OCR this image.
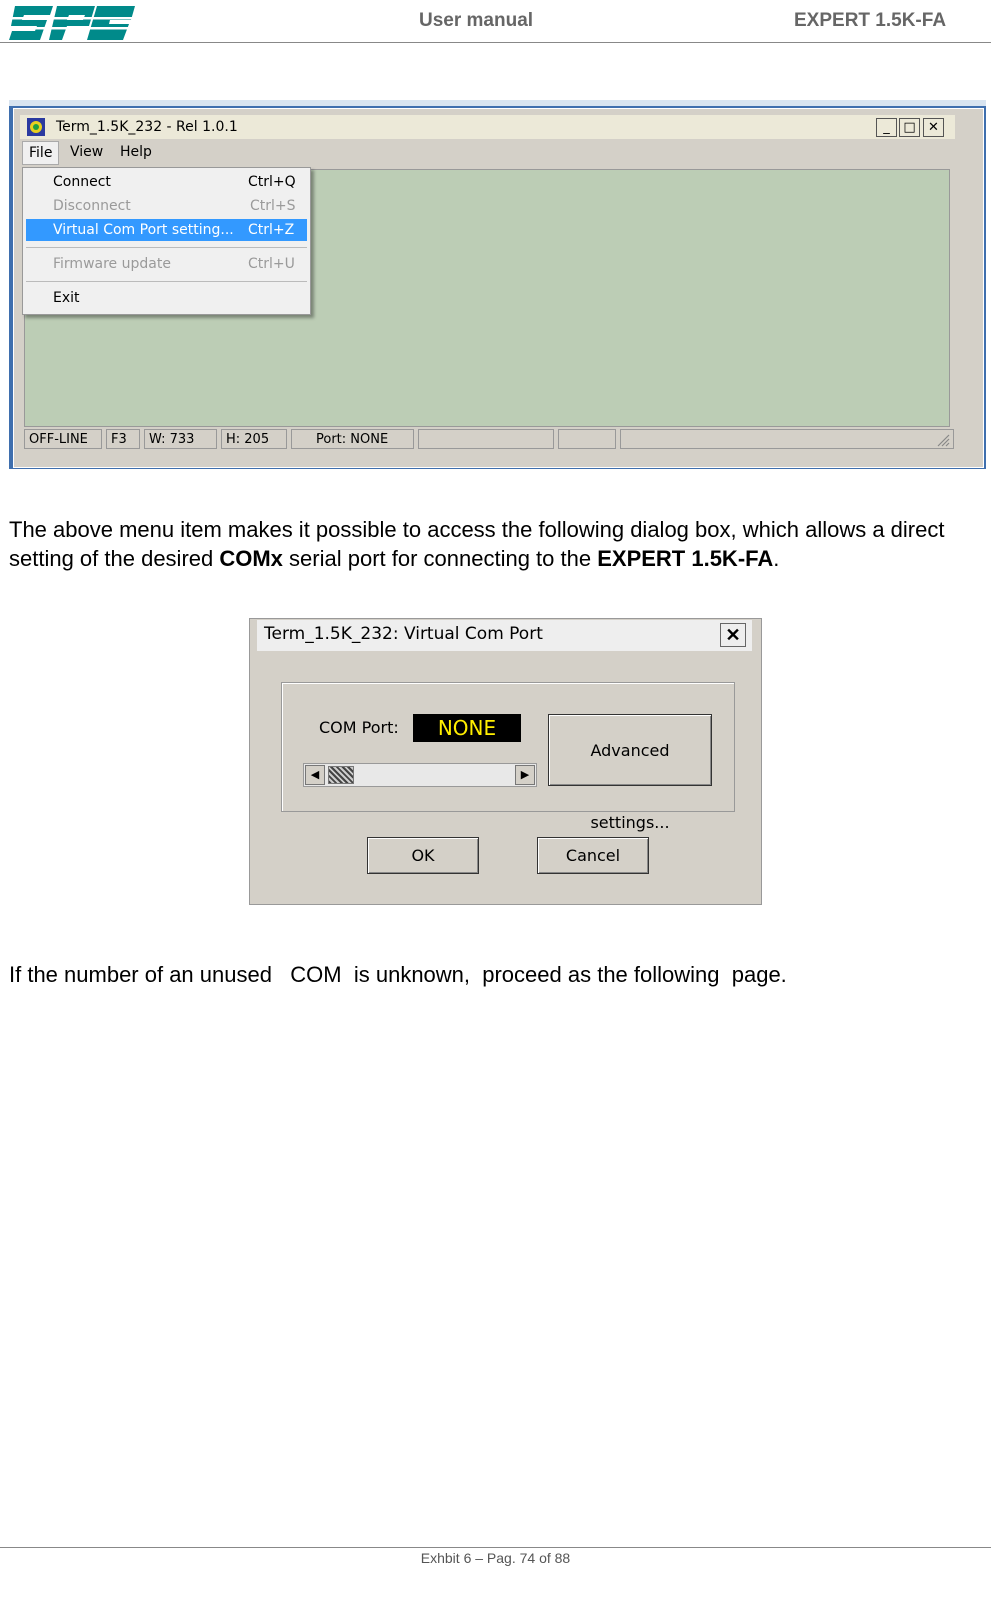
User manual	EXPERT 1.5K-FA
Term_1.5K_232 - Rel 1.0.1	_	□ ✕
File	View	Help
OFF-LINE	F3	W: 733	H: 205	Port: NONE
Connect	Ctrl+Q
Disconnect	Ctrl+S
Virtual Com Port setting... Ctrl+Z
Firmware update	Ctrl+U
Exit
The above menu item makes it possible to access the following dialog box, which allows a direct setting of the desired COMx serial port for connecting to the EXPERT 1.5K-FA.
Term_1.5K_232: Virtual Com Port	✕
COM Port:	NONE
Advanced settings...
◀	▶
OK	Cancel
If the number of an unused   COM  is unknown,  proceed as the following  page.
Exhbit 6 – Pag. 74 of 88
